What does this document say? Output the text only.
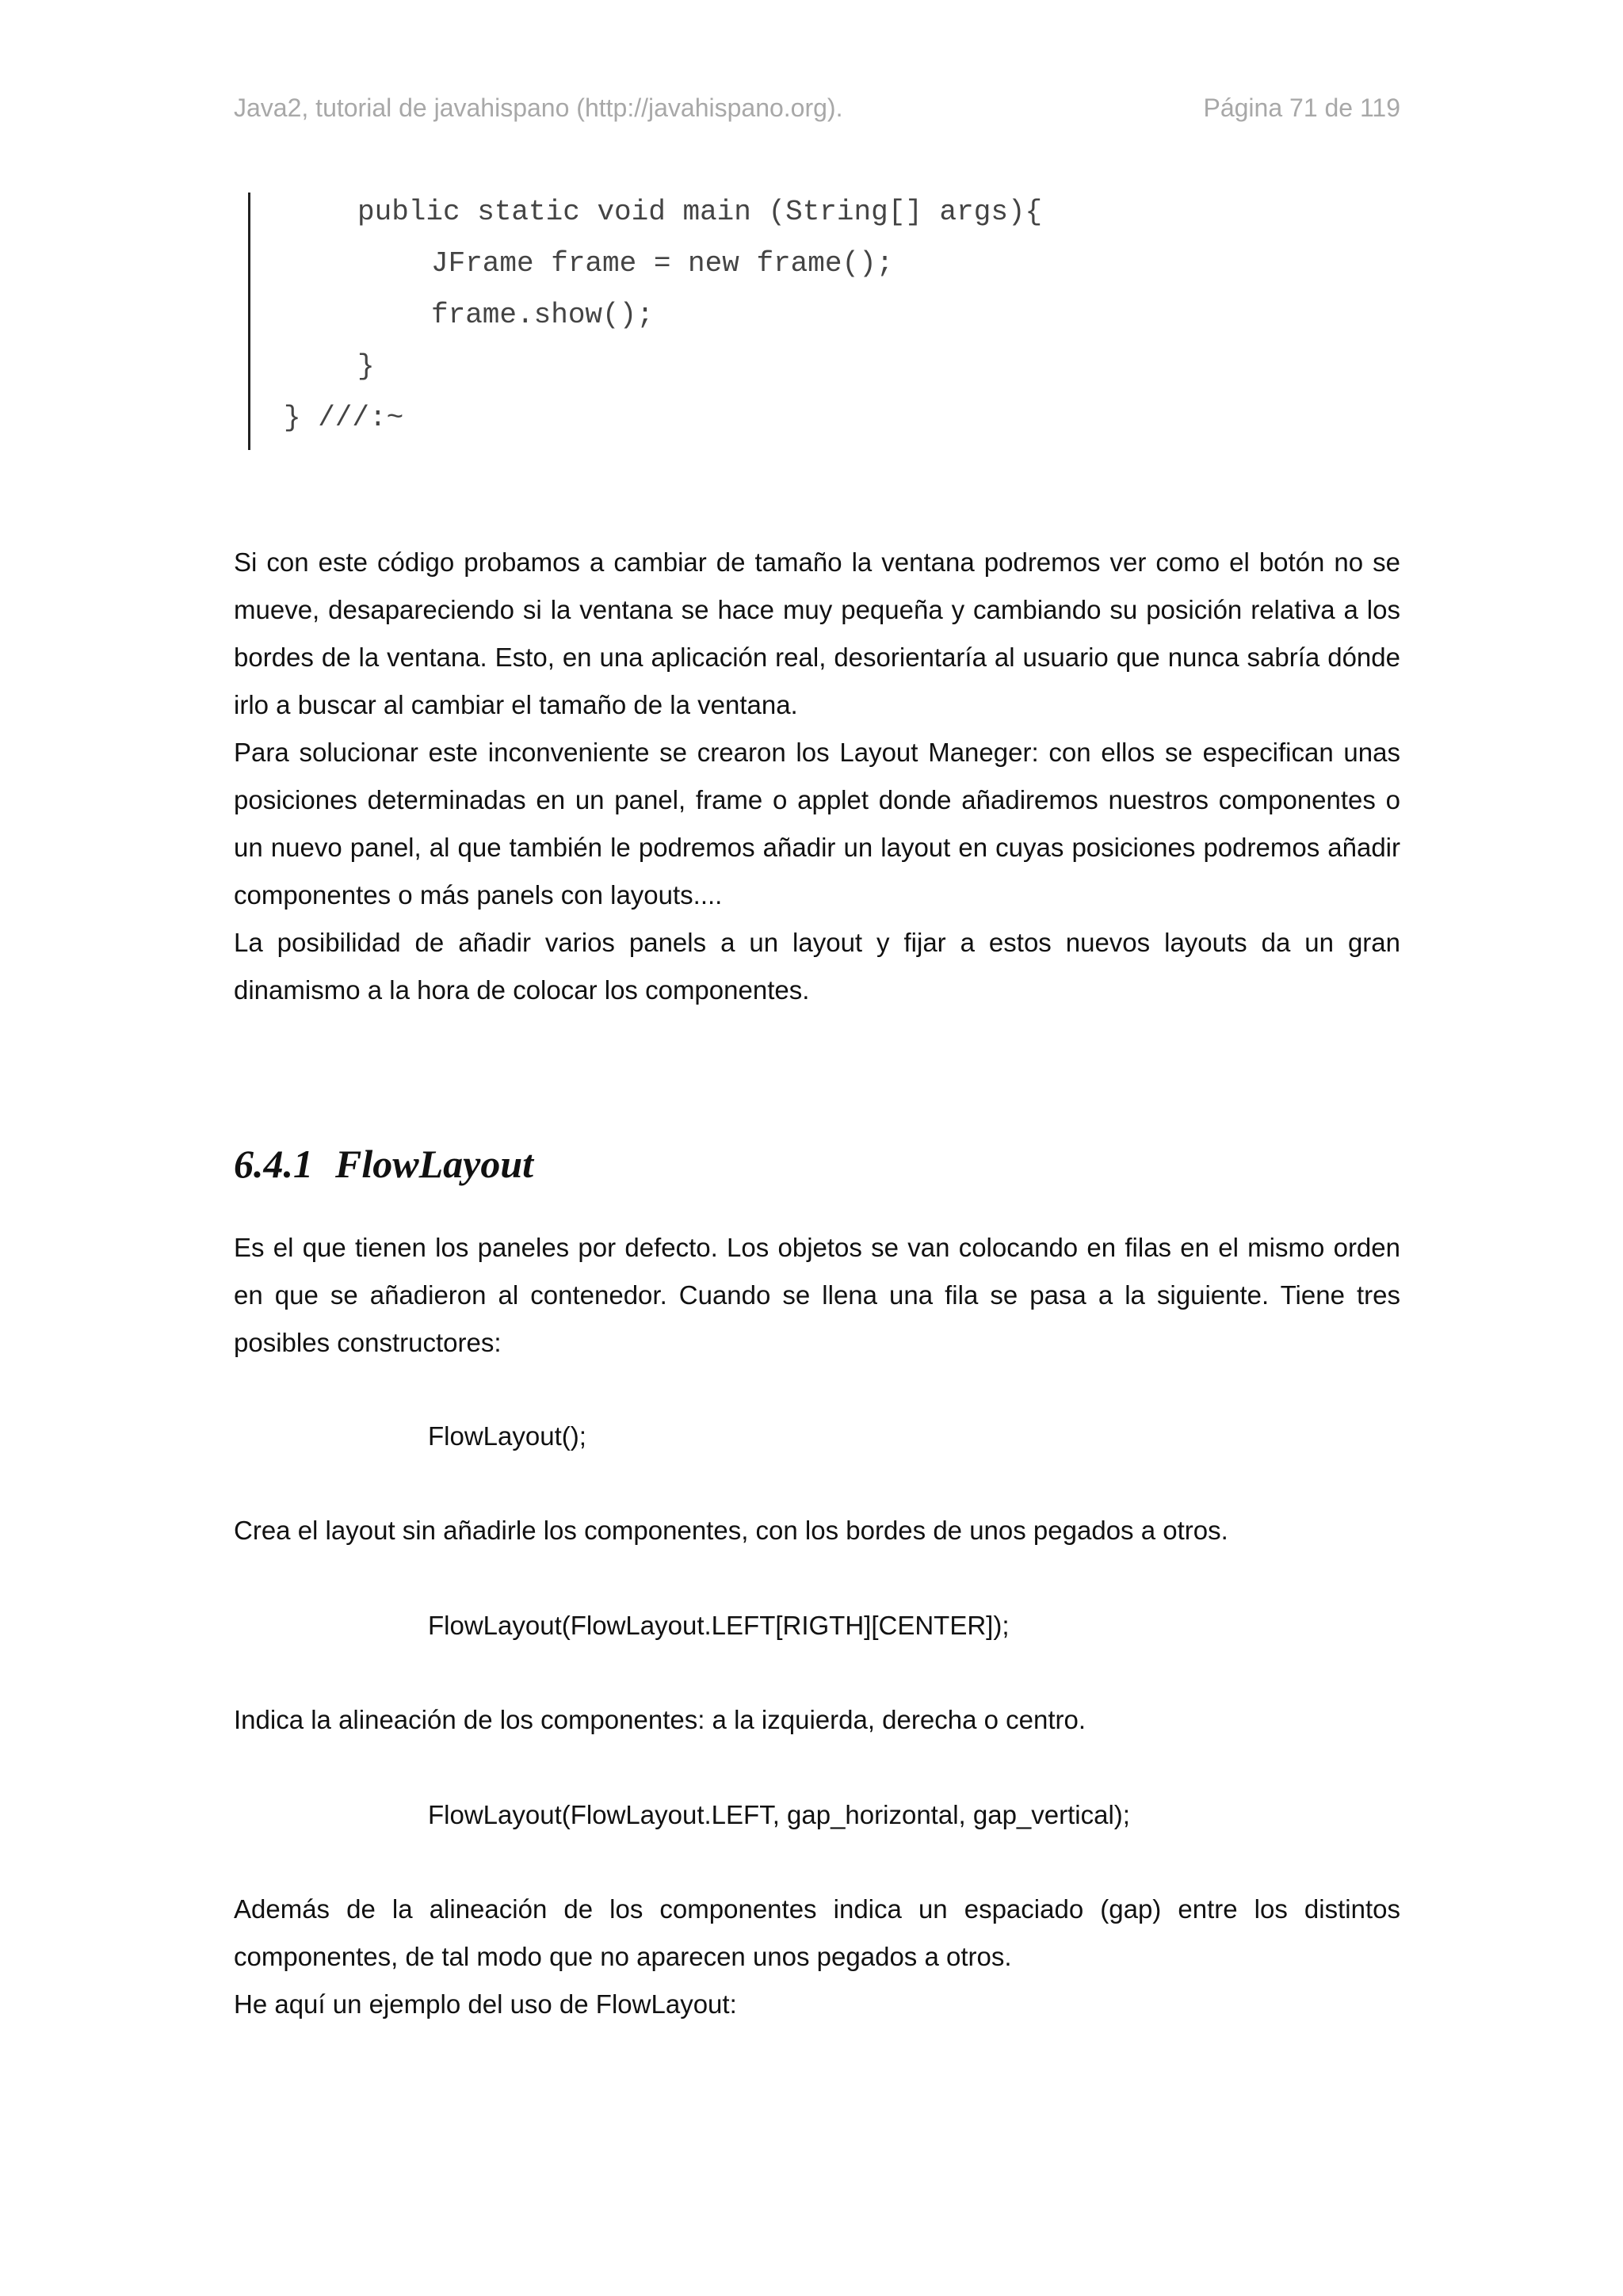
Java2, tutorial de javahispano (http://javahispano.org).	Página 71 de 119
public static void main (String[] args){
JFrame frame = new frame();
frame.show();
}
} ///:~
Si con este código probamos a cambiar de tamaño la ventana podremos ver como el botón no se mueve, desapareciendo si la ventana se hace muy pequeña y cambiando su posición relativa a los bordes de la ventana. Esto, en una aplicación real, desorientaría al usuario que nunca sabría dónde irlo a buscar al cambiar el tamaño de la ventana.
Para solucionar este inconveniente se crearon los Layout Maneger: con ellos se especifican unas posiciones determinadas en un panel, frame o applet donde añadiremos nuestros componentes o un nuevo panel, al que también le podremos añadir un layout en cuyas posiciones podremos añadir componentes o más panels con layouts....
La posibilidad de añadir varios panels a un layout y fijar a estos nuevos layouts da un gran dinamismo a la hora de colocar los componentes.
6.4.1 FlowLayout
Es el que tienen los paneles por defecto. Los objetos se van colocando en filas en el mismo orden en que se añadieron al contenedor. Cuando se llena una fila se pasa a la siguiente. Tiene tres posibles constructores:
FlowLayout();
Crea el layout sin añadirle los componentes, con los bordes de unos pegados a otros.
FlowLayout(FlowLayout.LEFT[RIGTH][CENTER]);
Indica la alineación de los componentes: a la izquierda, derecha o centro.
FlowLayout(FlowLayout.LEFT, gap_horizontal, gap_vertical);
Además de la alineación de los componentes indica un espaciado (gap) entre los distintos componentes, de tal modo que no aparecen unos pegados a otros.
He aquí un ejemplo del uso de FlowLayout:
